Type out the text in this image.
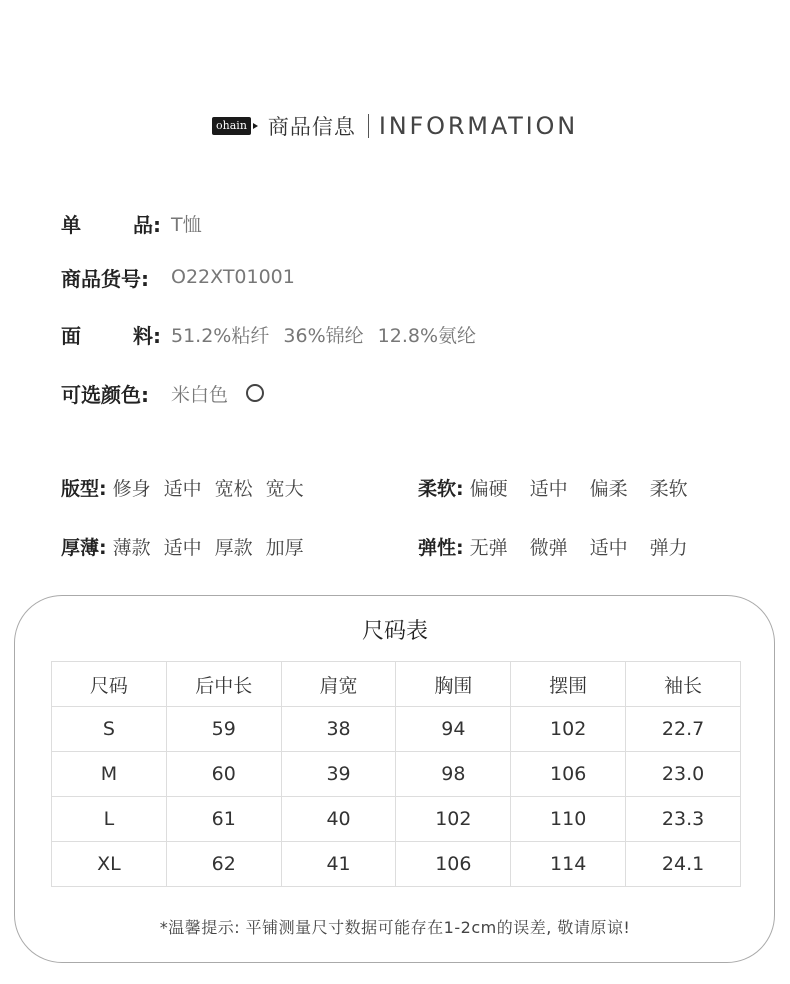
ohain 商品信息 INFORMATION
单	品: T恤
商品货号:	O22XT01001
面	料: 51.2%粘纤 36%锦纶 12.8%氨纶
可选颜色:	米白色
版型: 修身 适中 宽松 宽大	柔软: 偏硬 适中 偏柔 柔软
厚薄: 薄款 适中 厚款 加厚	弹性: 无弹 微弹 适中 弹力
尺码表
尺码	后中长	肩宽	胸围	摆围	袖长
S	59	38	94	102	22.7
M	60	39	98	106	23.0
L	61	40	102	110	23.3
XL	62	41	106	114	24.1
*温馨提示: 平铺测量尺寸数据可能存在1-2cm的误差, 敬请原谅!
